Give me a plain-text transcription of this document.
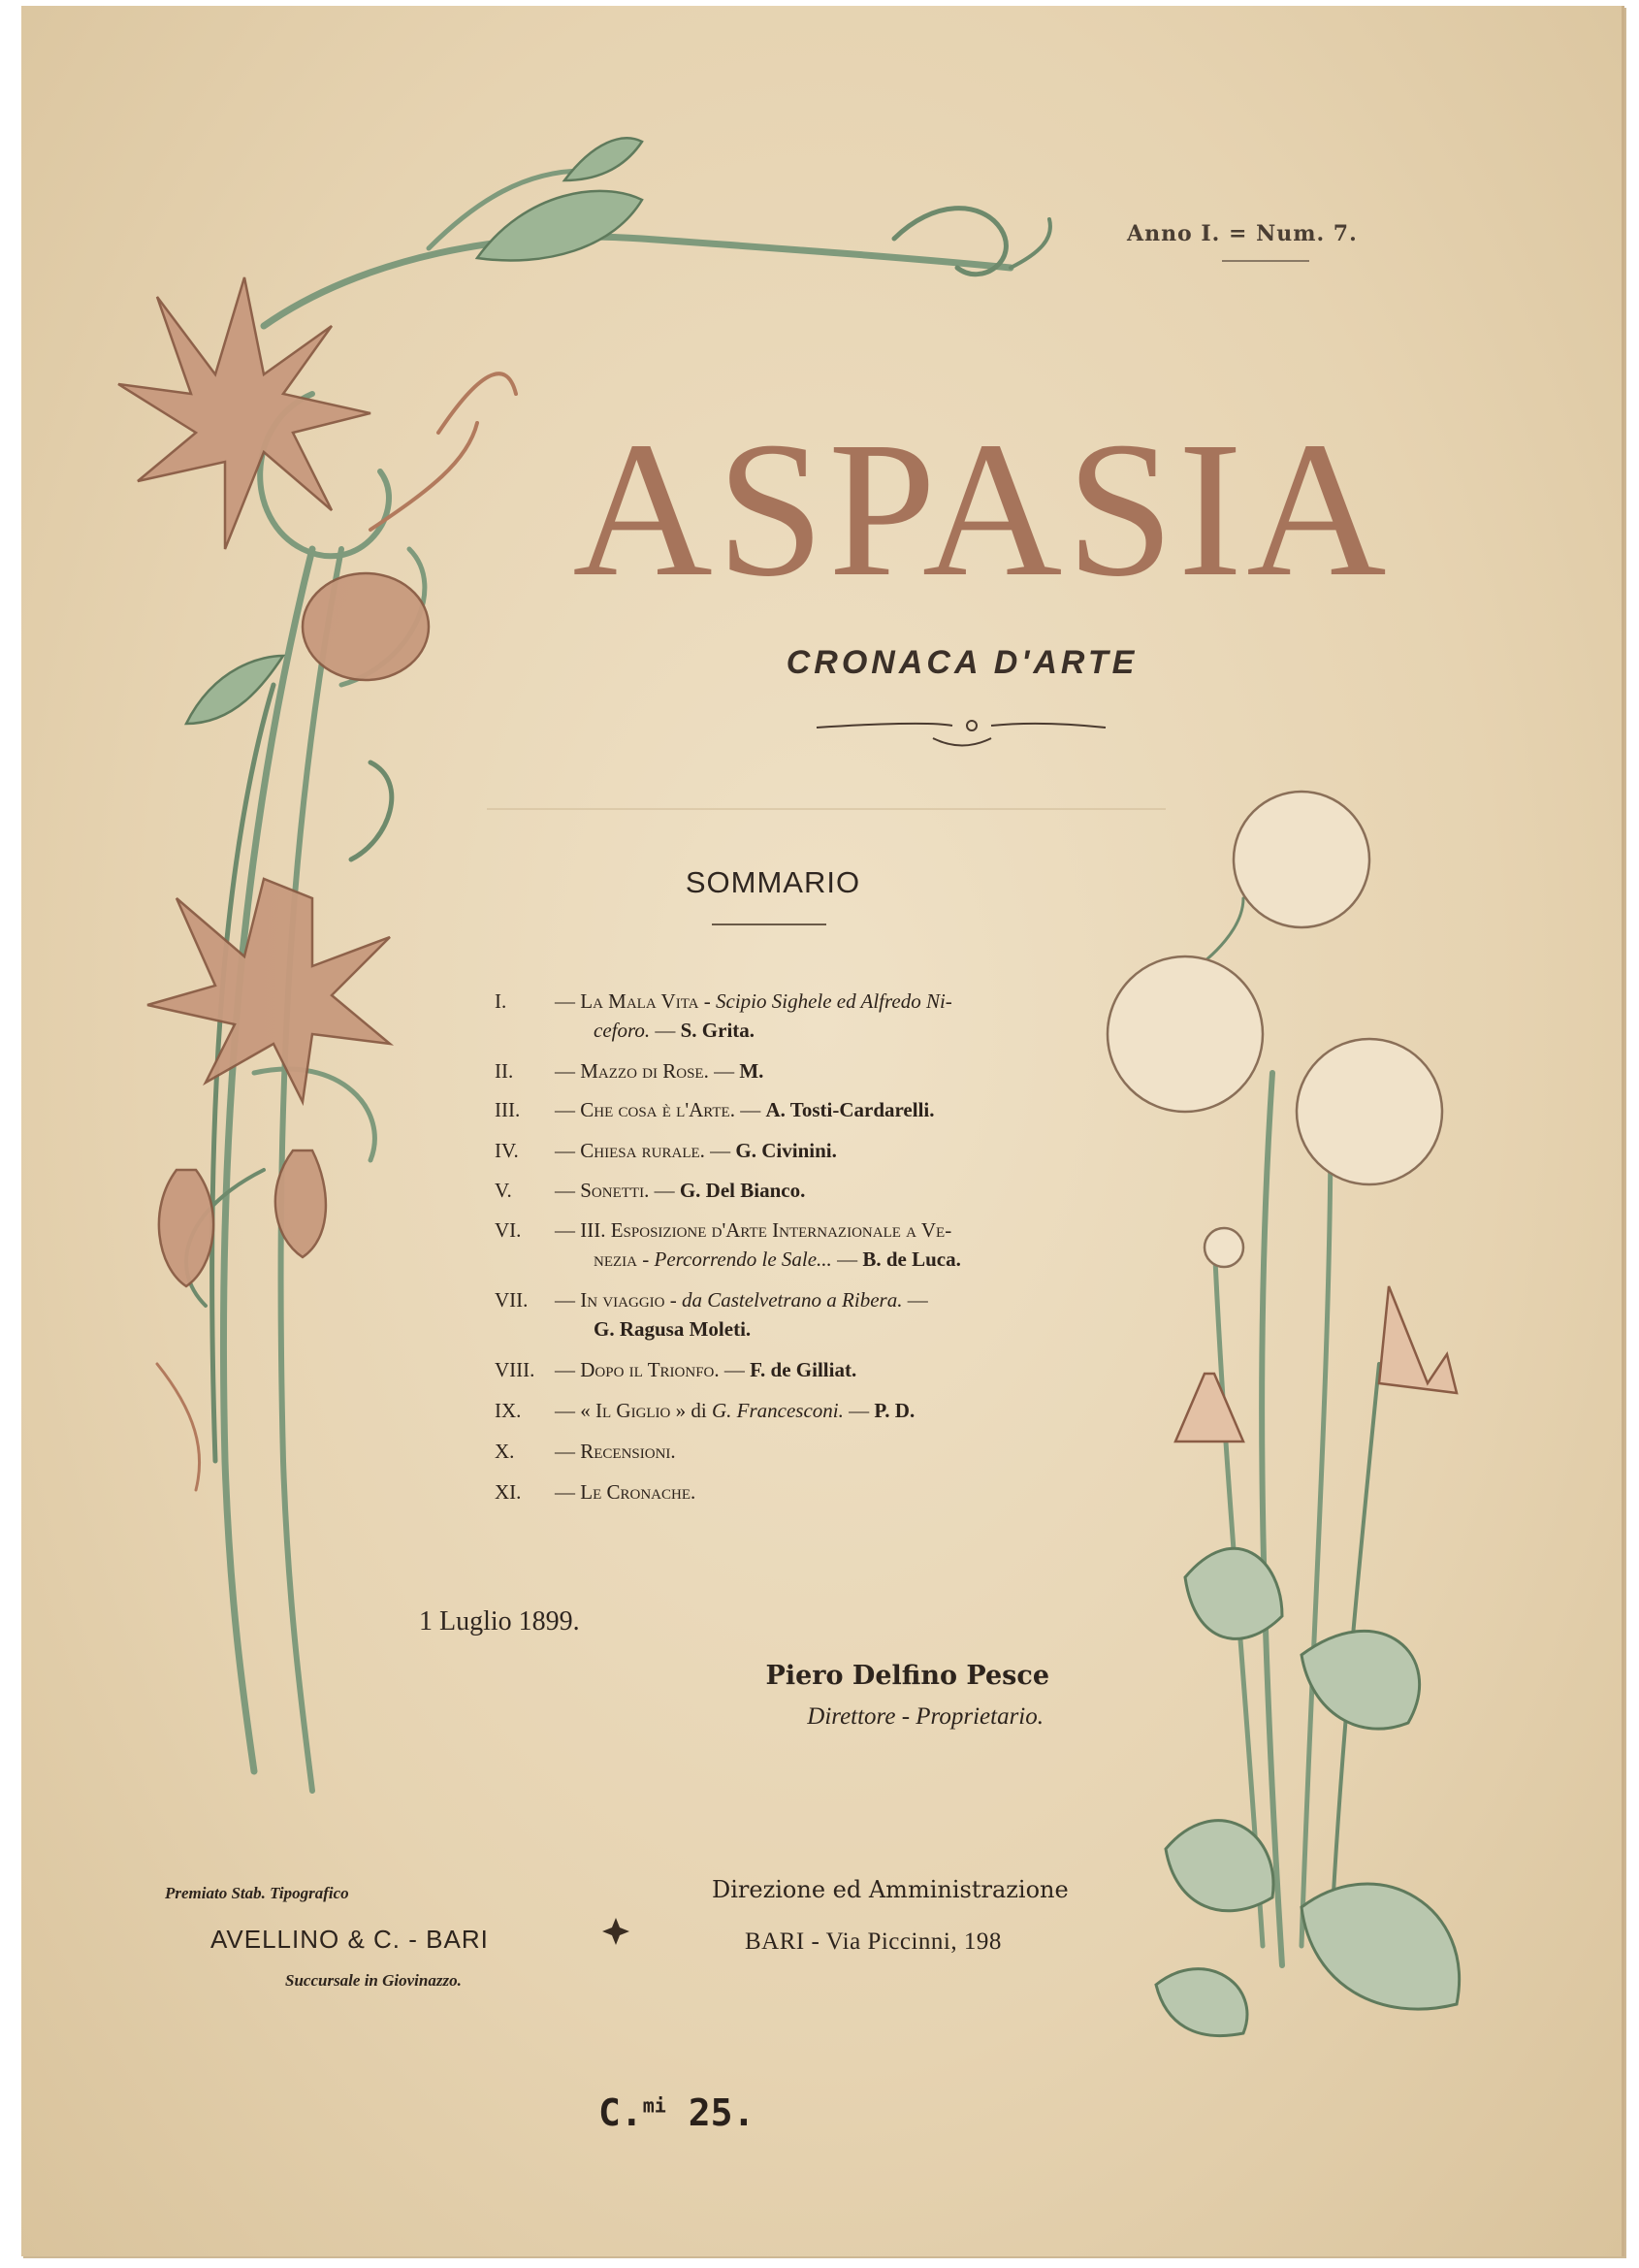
Anno I. = Num. 7.
ASPASIA
CRONACA D'ARTE
SOMMARIO
I.	— La Mala Vita - Scipio Sighele ed Alfredo Ni-
ceforo. — S. Grita.
II.	— Mazzo di Rose. — M.
III.	— Che cosa è l'Arte. — A. Tosti-Cardarelli.
IV.	— Chiesa rurale. — G. Civinini.
V.	— Sonetti. — G. Del Bianco.
VI.	— III. Esposizione d'Arte Internazionale a Ve-
nezia - Percorrendo le Sale... — B. de Luca.
VII.	— In viaggio - da Castelvetrano a Ribera. —
G. Ragusa Moleti.
VIII. — Dopo il Trionfo. — F. de Gilliat.
IX.	— « Il Giglio » di G. Francesconi. — P. D.
X.	— Recensioni.
XI.	— Le Cronache.
1 Luglio 1899.
Piero Delfino Pesce
Direttore - Proprietario.
Premiato Stab. Tipografico
AVELLINO & C. - BARI
Succursale in Giovinazzo.
Direzione ed Amministrazione
BARI - Via Piccinni, 198
C.$^{mi}$ 25.
